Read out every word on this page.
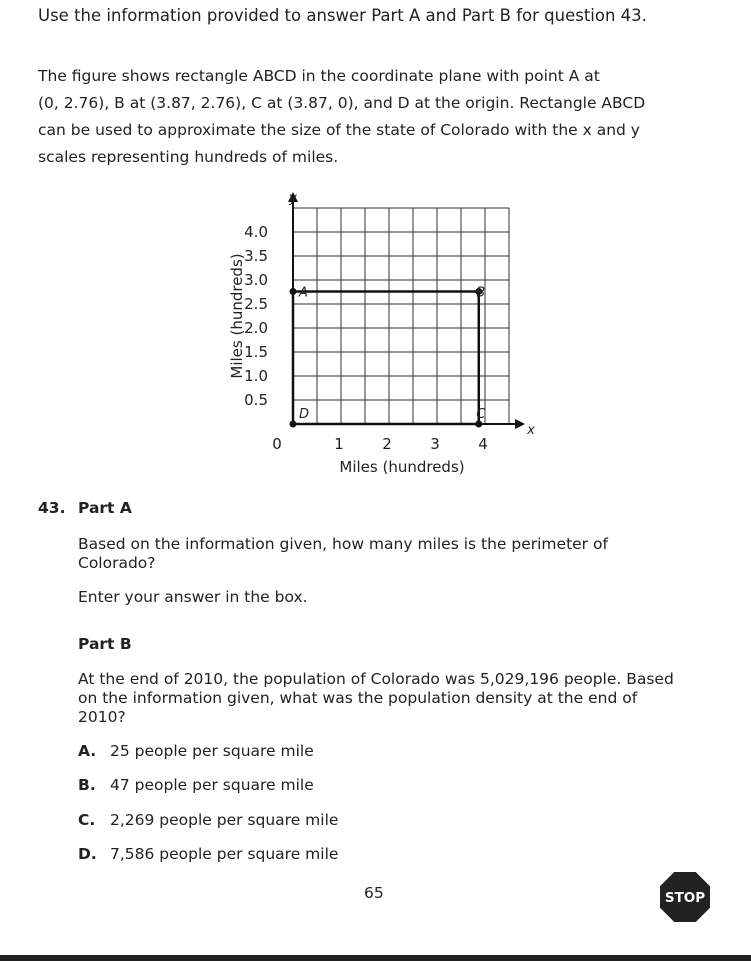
Use the information provided to answer Part A and Part B for question 43.

The figure shows rectangle ABCD in the coordinate plane with point A at

(0, 2.76), B at (3.87, 2.76), C at (3.87, 0), and D at the origin. Rectangle ABCD

can be used to approximate the size of the state of Colorado with the x and y

scales representing hundreds of miles.

A	B
C
D
0.5
1.0
1.5
2.0
2.5
3.0
3.5
4.0
1	2	3	4
0
y
x
Miles (hundreds)
Miles (hundreds)
43. Part A
Based on the information given, how many miles is the perimeter of
Colorado?
Enter your answer in the box.
Part B
At the end of 2010, the population of Colorado was 5,029,196 people. Based
on the information given, what was the population density at the end of
2010?
A. 25 people per square mile
B. 47 people per square mile
C. 2,269 people per square mile
D. 7,586 people per square mile
65	STOP
